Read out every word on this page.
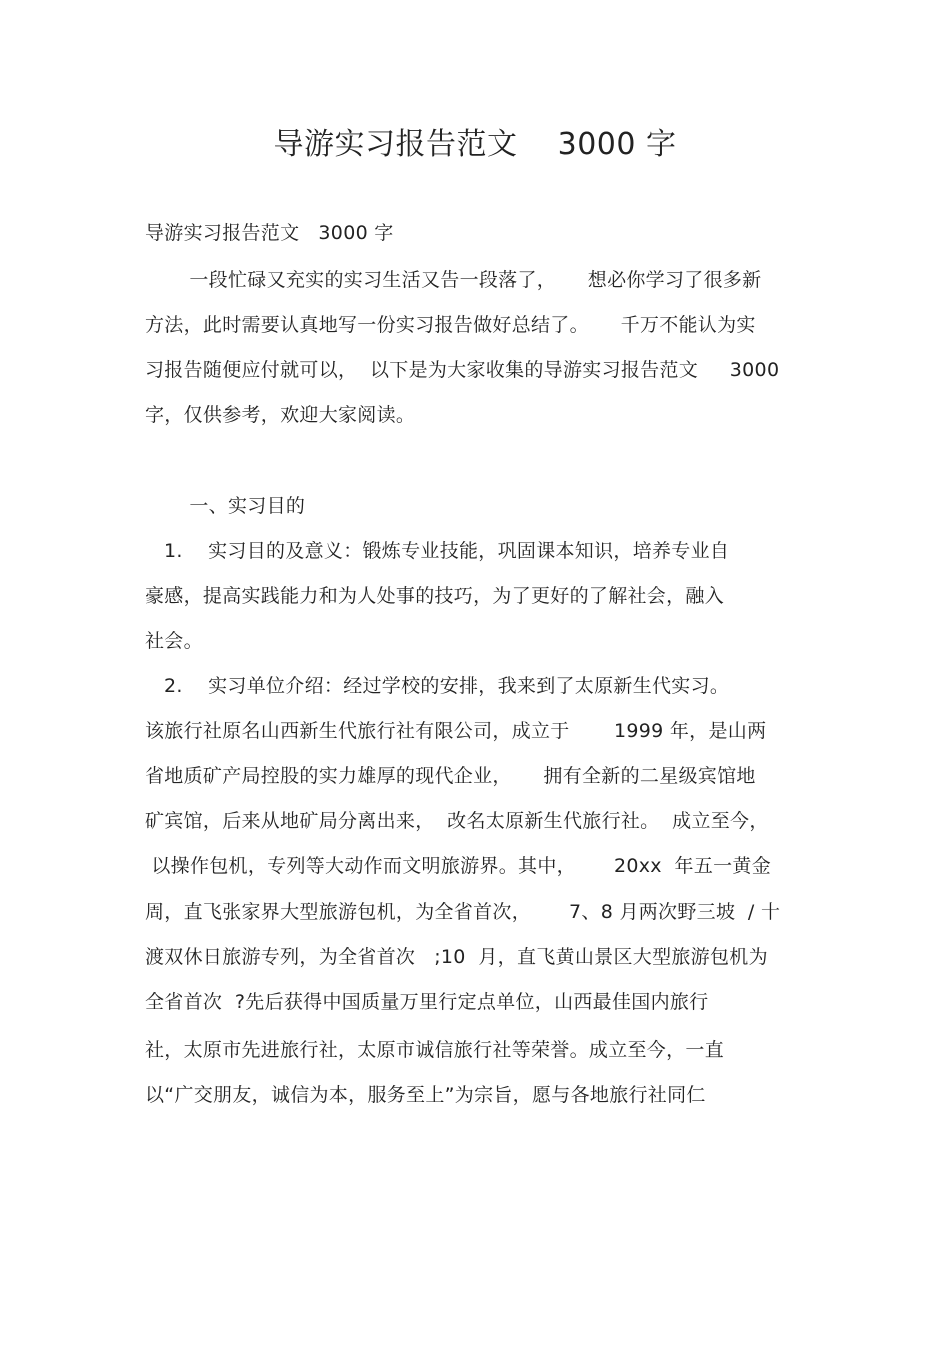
导游实习报告范文    3000 字
导游实习报告范文   3000 字
一段忙碌又充实的实习生活又告一段落了，     想必你学习了很多新
方法，此时需要认真地写一份实习报告做好总结了。     千万不能认为实
习报告随便应付就可以，  以下是为大家收集的导游实习报告范文     3000
字，仅供参考，欢迎大家阅读。
一、实习目的
1.    实习目的及意义：锻炼专业技能，巩固课本知识，培养专业自
豪感，提高实践能力和为人处事的技巧，为了更好的了解社会，融入
社会。
2.    实习单位介绍：经过学校的安排，我来到了太原新生代实习。
该旅行社原名山西新生代旅行社有限公司，成立于       1999 年，是山两
省地质矿产局控股的实力雄厚的现代企业，     拥有全新的二星级宾馆地
矿宾馆，后来从地矿局分离出来，  改名太原新生代旅行社。  成立至今，
以操作包机，专列等大动作而文明旅游界。其中，      20xx  年五一黄金
周，直飞张家界大型旅游包机，为全省首次，      7、8 月两次野三坡  / 十
渡双休日旅游专列，为全省首次   ;10  月，直飞黄山景区大型旅游包机为
全省首次  ?先后获得中国质量万里行定点单位，山西最佳国内旅行
社，太原市先进旅行社，太原市诚信旅行社等荣誉。成立至今，一直
以“广交朋友，诚信为本，服务至上”为宗旨，愿与各地旅行社同仁
